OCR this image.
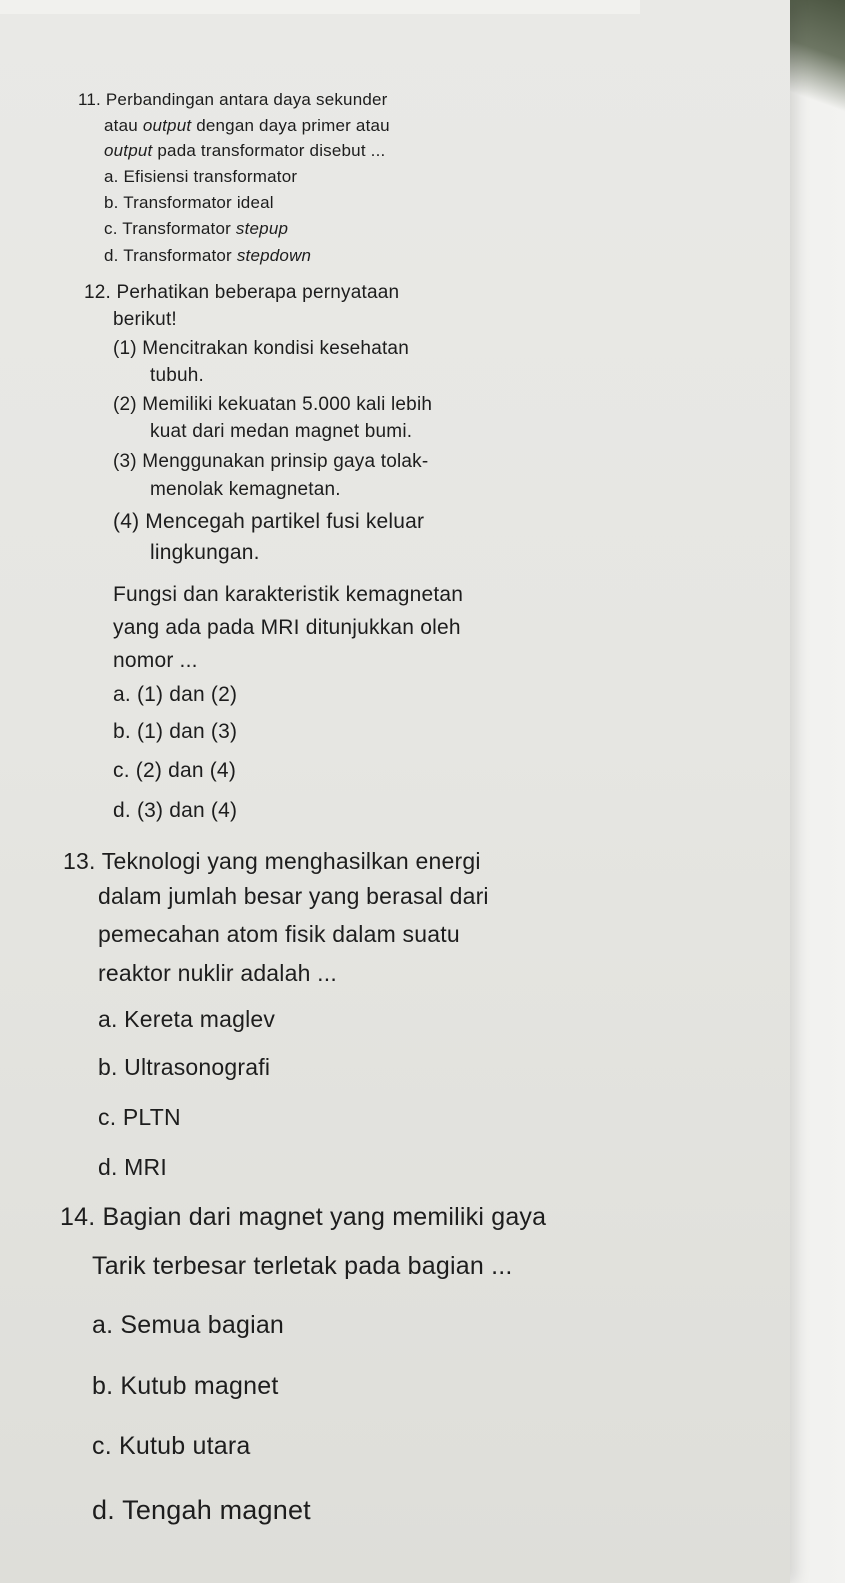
11. Perbandingan antara daya sekunder
atau output dengan daya primer atau
output pada transformator disebut ...
a. Efisiensi transformator
b. Transformator ideal
c. Transformator stepup
d. Transformator stepdown
12. Perhatikan beberapa pernyataan
berikut!
(1) Mencitrakan kondisi kesehatan
tubuh.
(2) Memiliki kekuatan 5.000 kali lebih
kuat dari medan magnet bumi.
(3) Menggunakan prinsip gaya tolak-
menolak kemagnetan.
(4) Mencegah partikel fusi keluar
lingkungan.
Fungsi dan karakteristik kemagnetan
yang ada pada MRI ditunjukkan oleh
nomor ...
a. (1) dan (2)
b. (1) dan (3)
c. (2) dan (4)
d. (3) dan (4)
13. Teknologi yang menghasilkan energi
dalam jumlah besar yang berasal dari
pemecahan atom fisik dalam suatu
reaktor nuklir adalah ...
a. Kereta maglev
b. Ultrasonografi
c. PLTN
d. MRI
14. Bagian dari magnet yang memiliki gaya
Tarik terbesar terletak pada bagian ...
a. Semua bagian
b. Kutub magnet
c. Kutub utara
d. Tengah magnet
